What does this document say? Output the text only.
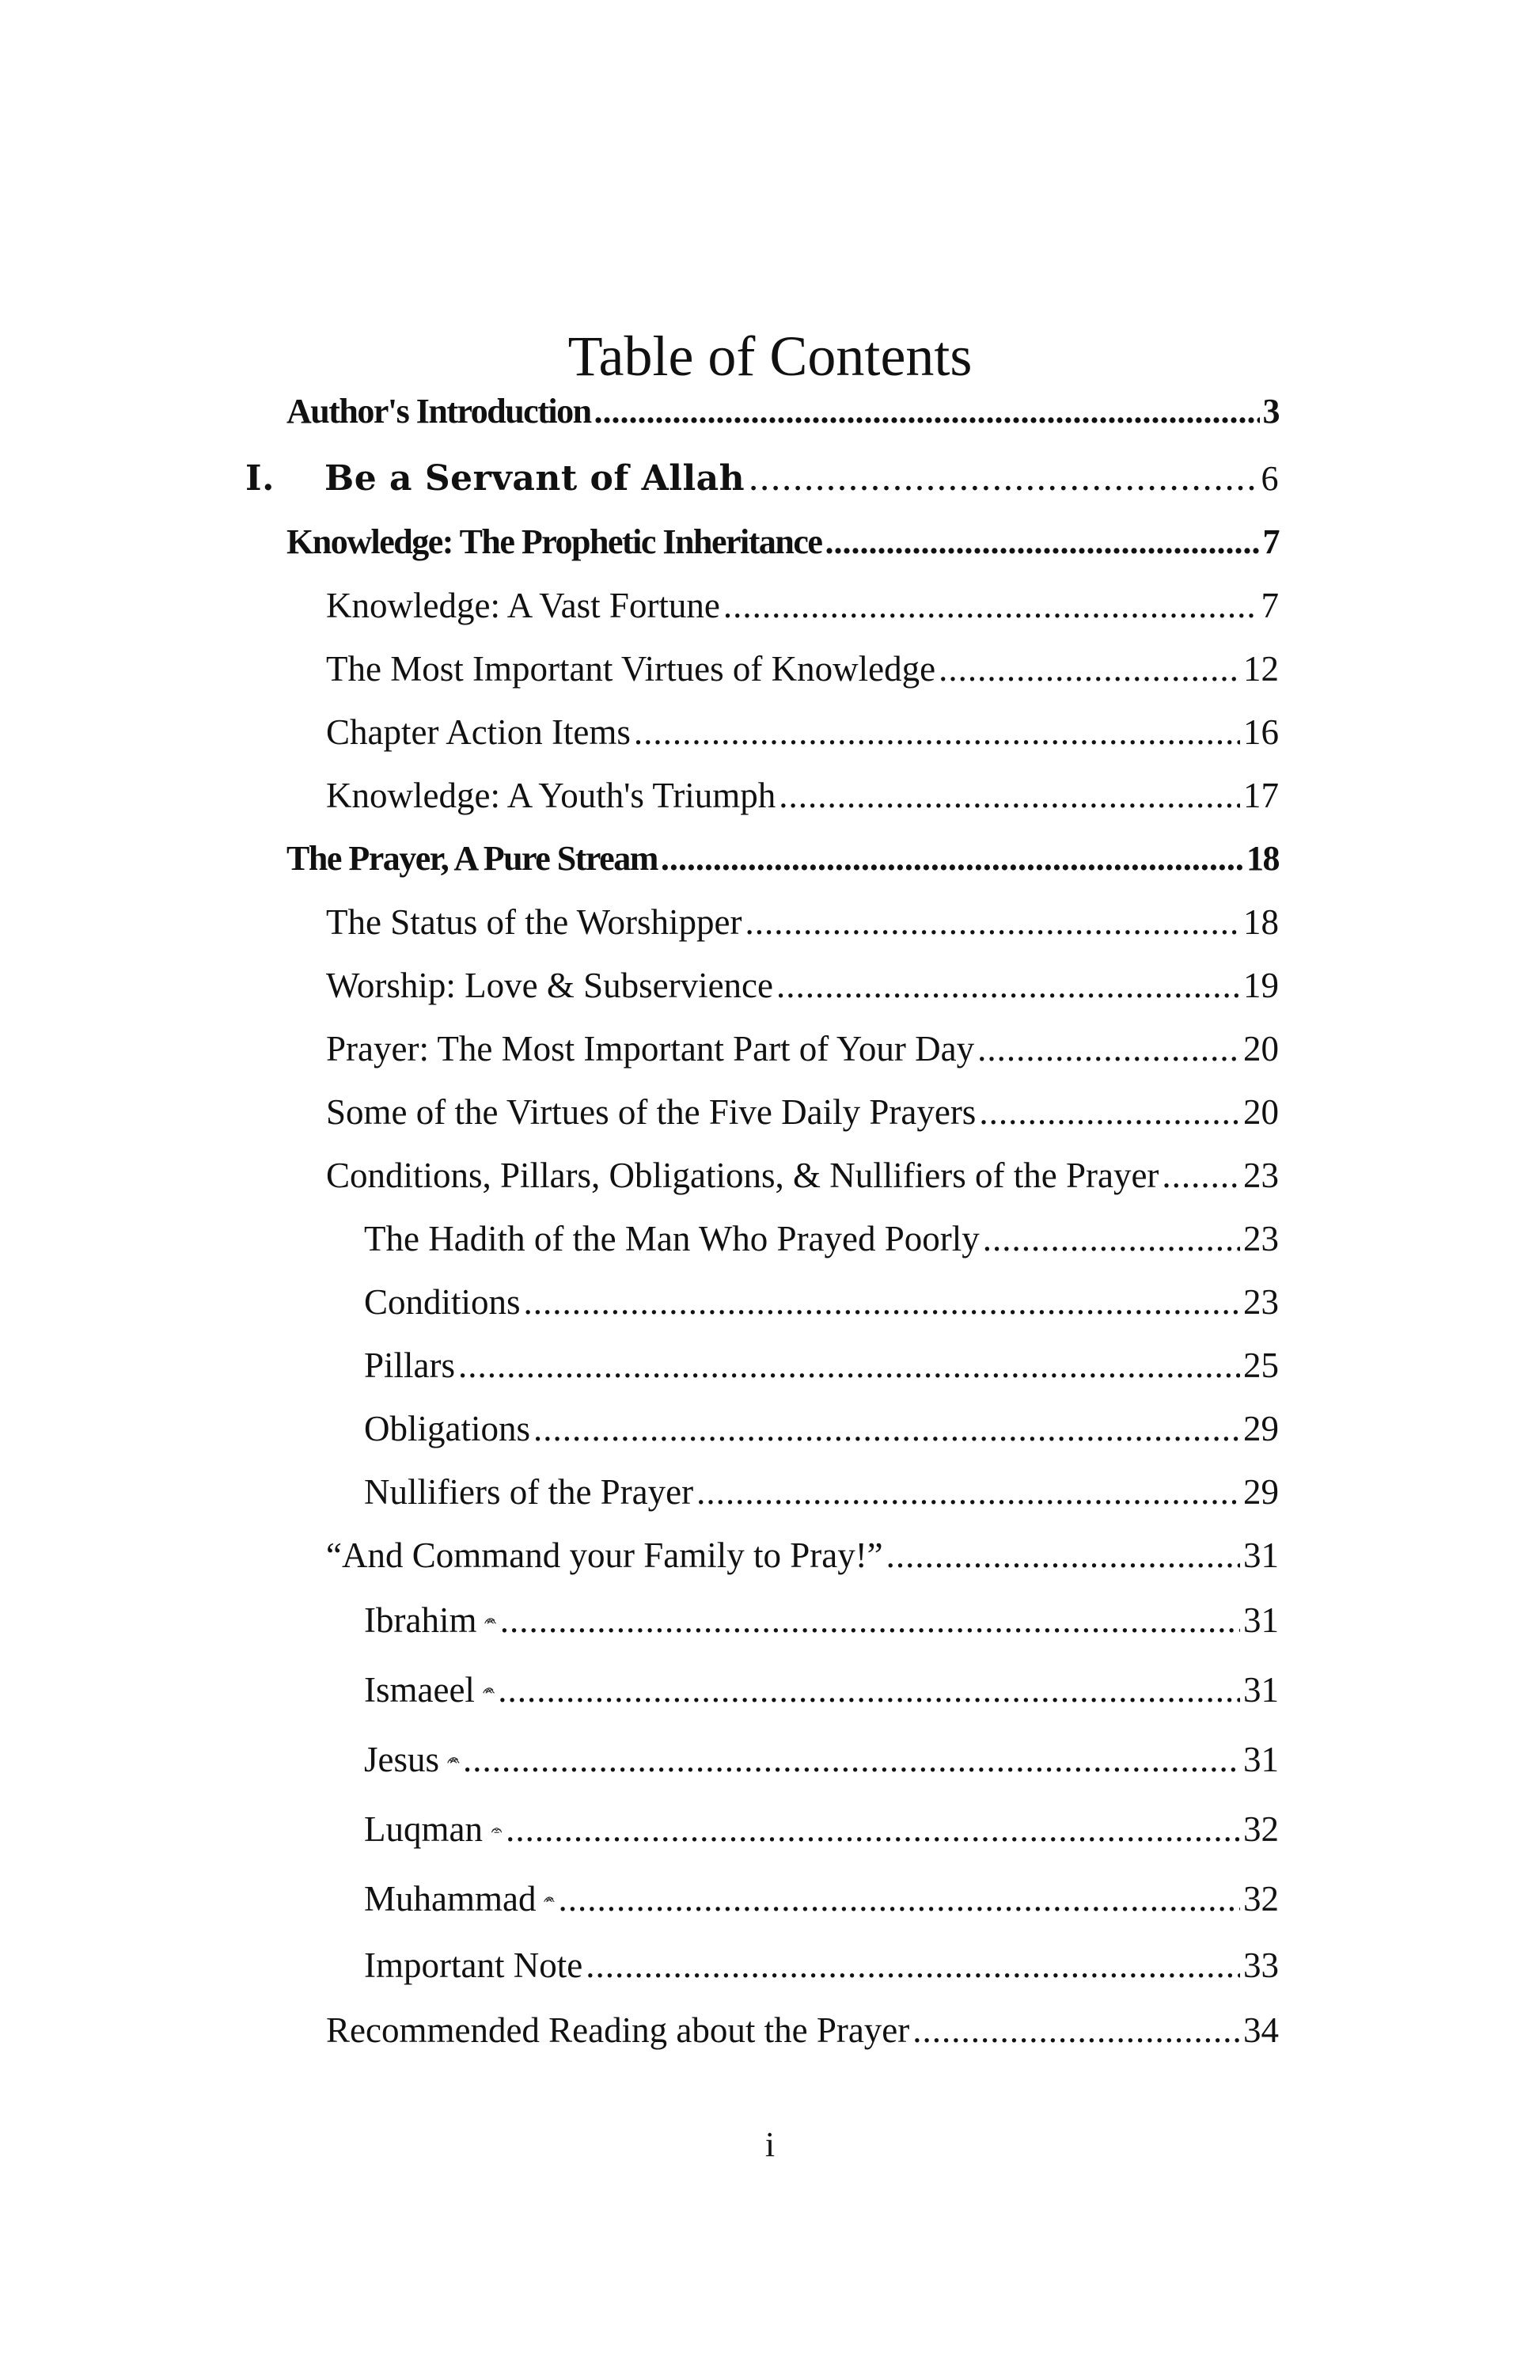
Table of Contents
Author's Introduction .....	3
I.	Be a Servant of Allah .....	6
Knowledge: The Prophetic Inheritance .....	7
Knowledge: A Vast Fortune .....	7
The Most Important Virtues of Knowledge .....	12
Chapter Action Items .....	16
Knowledge: A Youth's Triumph .....	17
The Prayer, A Pure Stream .....	18
The Status of the Worshipper .....	18
Worship: Love & Subservience .....	19
Prayer: The Most Important Part of Your Day .....	20
Some of the Virtues of the Five Daily Prayers .....	20
Conditions, Pillars, Obligations, & Nullifiers of the Prayer ..... 23
The Hadith of the Man Who Prayed Poorly .....	23
Conditions .....	23
Pillars .....	25
Obligations .....	29
Nullifiers of the Prayer .....	29
“And Command your Family to Pray!” .....	31
Ibrahim .....	31
Ismaeel .....	31
Jesus .....	31
Luqman .....	32
Muhammad .....	32
Important Note .....	33
Recommended Reading about the Prayer .....	34
i
